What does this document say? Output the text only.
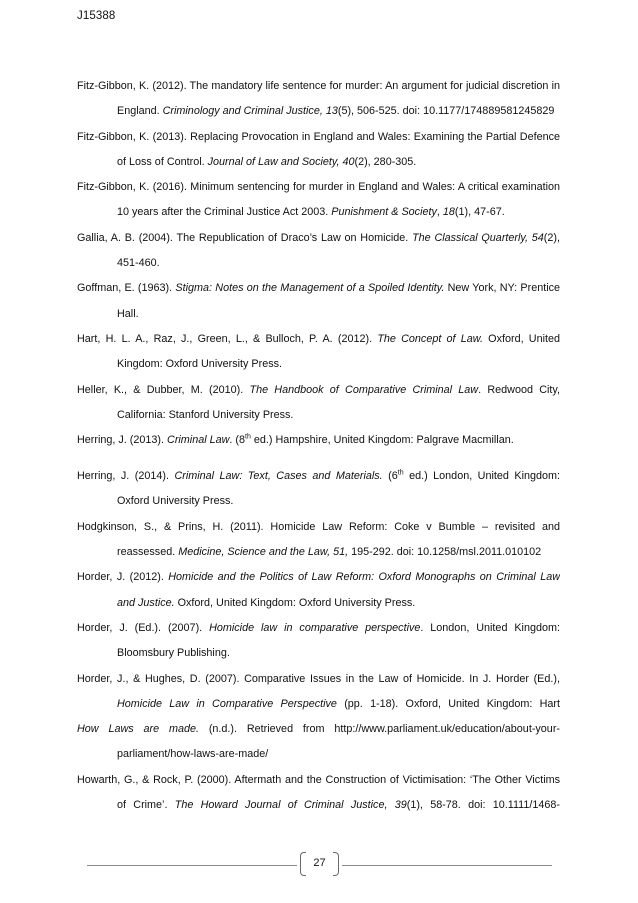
J15388
Fitz-Gibbon, K. (2012). The mandatory life sentence for murder: An argument for judicial discretion in England. Criminology and Criminal Justice, 13(5), 506-525. doi: 10.1177/174889581245829
Fitz-Gibbon, K. (2013). Replacing Provocation in England and Wales: Examining the Partial Defence of Loss of Control. Journal of Law and Society, 40(2), 280-305.
Fitz-Gibbon, K. (2016). Minimum sentencing for murder in England and Wales: A critical examination 10 years after the Criminal Justice Act 2003. Punishment & Society, 18(1), 47-67.
Gallia, A. B. (2004). The Republication of Draco’s Law on Homicide. The Classical Quarterly, 54(2), 451-460.
Goffman, E. (1963). Stigma: Notes on the Management of a Spoiled Identity. New York, NY: Prentice Hall.
Hart, H. L. A., Raz, J., Green, L., & Bulloch, P. A. (2012). The Concept of Law. Oxford, United Kingdom: Oxford University Press.
Heller, K., & Dubber, M. (2010). The Handbook of Comparative Criminal Law. Redwood City, California: Stanford University Press.
Herring, J. (2013). Criminal Law. (8th ed.) Hampshire, United Kingdom: Palgrave Macmillan.
Herring, J. (2014). Criminal Law: Text, Cases and Materials. (6th ed.) London, United Kingdom: Oxford University Press.
Hodgkinson, S., & Prins, H. (2011). Homicide Law Reform: Coke v Bumble – revisited and reassessed. Medicine, Science and the Law, 51, 195-292. doi: 10.1258/msl.2011.010102
Horder, J. (2012). Homicide and the Politics of Law Reform: Oxford Monographs on Criminal Law and Justice. Oxford, United Kingdom: Oxford University Press.
Horder, J. (Ed.). (2007). Homicide law in comparative perspective. London, United Kingdom: Bloomsbury Publishing.
Horder, J., & Hughes, D. (2007). Comparative Issues in the Law of Homicide. In J. Horder (Ed.), Homicide Law in Comparative Perspective (pp. 1-18). Oxford, United Kingdom: Hart
How Laws are made. (n.d.). Retrieved from http://www.parliament.uk/education/about-your-parliament/how-laws-are-made/
Howarth, G., & Rock, P. (2000). Aftermath and the Construction of Victimisation: ‘The Other Victims of Crime’. The Howard Journal of Criminal Justice, 39(1), 58-78. doi: 10.1111/1468-
27
